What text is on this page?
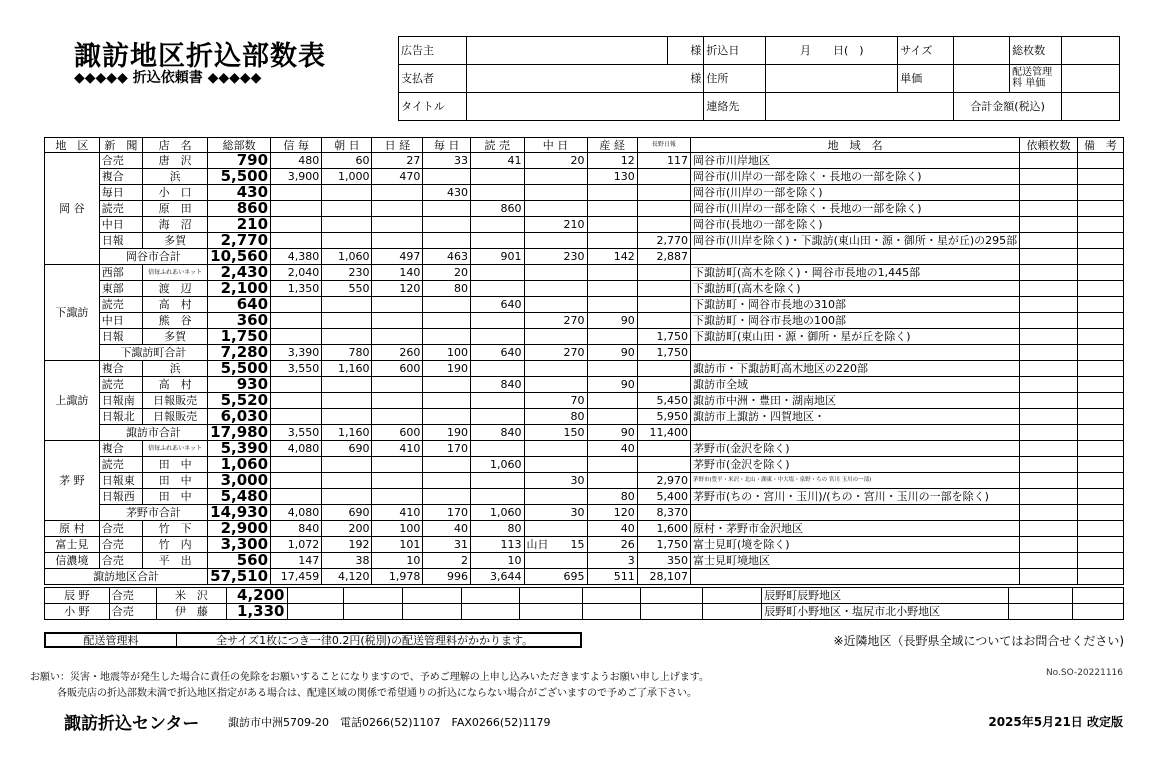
諏訪地区折込部数表
◆◆◆◆◆ 折込依頼書 ◆◆◆◆◆
広告主		様	折込日	月　　日(　)	サイズ		総枚数	
支払者	様		住所		単価		配送管理料 単価	
タイトル			連絡先			合計金額(税込)		
地　区	新　聞	店　名	総部数	信 毎	朝 日	日 経	毎 日	読 売	中 日	産 経	長野日報	地　域　名	依頼枚数	備　考
岡 谷	合売	唐　沢	790	480	60	27	33	41	20	12	117	岡谷市川岸地区		
	複合	浜	5,500	3,900	1,000	470				130		岡谷市(川岸の一部を除く・長地の一部を除く)		
	毎日	小　口	430				430					岡谷市(川岸の一部を除く)		
	読売	原　田	860					860				岡谷市(川岸の一部を除く・長地の一部を除く)		
	中日	海　沼	210						210			岡谷市(長地の一部を除く)		
	日報	多賀	2,770								2,770	岡谷市(川岸を除く)・下諏訪(東山田・源・御所・星が丘)の295部		
	岡谷市合計		10,560	4,380	1,060	497	463	901	230	142	2,887			
下諏訪	西部	信毎ふれあいネット	2,430	2,040	230	140	20					下諏訪町(高木を除く)・岡谷市長地の1,445部		
	東部	渡　辺	2,100	1,350	550	120	80					下諏訪町(高木を除く)		
	読売	高　村	640					640				下諏訪町・岡谷市長地の310部		
	中日	熊　谷	360						270	90		下諏訪町・岡谷市長地の100部		
	日報	多賀	1,750								1,750	下諏訪町(東山田・源・御所・星が丘を除く)		
	下諏訪町合計		7,280	3,390	780	260	100	640	270	90	1,750			
上諏訪	複合	浜	5,500	3,550	1,160	600	190					諏訪市・下諏訪町高木地区の220部		
	読売	高　村	930					840		90		諏訪市全域		
	日報南	日報販売	5,520						70		5,450	諏訪市中洲・豊田・湖南地区		
	日報北	日報販売	6,030						80		5,950	諏訪市上諏訪・四賀地区・		
	諏訪市合計		17,980	3,550	1,160	600	190	840	150	90	11,400			
茅 野	複合	信毎ふれあいネット	5,390	4,080	690	410	170			40		茅野市(金沢を除く)		
	読売	田　中	1,060					1,060				茅野市(金沢を除く)		
	日報東	田　中	3,000						30		2,970	茅野市(豊平・米沢・北山・湖東・中大塩・泉野・ちの 宮川 玉川の一部)		
	日報西	田　中	5,480							80	5,400	茅野市(ちの・宮川・玉川)/(ちの・宮川・玉川の一部を除く)		
	茅野市合計		14,930	4,080	690	410	170	1,060	30	120	8,370			
原 村	合売	竹　下	2,900	840	200	100	40	80		40	1,600	原村・茅野市金沢地区		
富士見	合売	竹　内	3,300	1,072	192	101	31	113	山日　　15	26	1,750	富士見町(境を除く)		
信濃境	合売	平　出	560	147	38	10	2	10		3	350	富士見町境地区		
諏訪地区合計			57,510	17,459	4,120	1,978	996	3,644	695	511	28,107			
辰 野	合売	米　沢	4,200									辰野町辰野地区		
小 野	合売	伊　藤	1,330									辰野町小野地区・塩尻市北小野地区		
配送管理料	全サイズ1枚につき一律0.2円(税別)の配送管理料がかかります。	※近隣地区（長野県全域についてはお問合せください)
お願い：災害・地震等が発生した場合に責任の免除をお願いすることになりますので、予めご理解の上申し込みいただきますようお願い申し上げます。
各販売店の折込部数未満で折込地区指定がある場合は、配達区域の関係で希望通りの折込にならない場合がございますので予めご了承下さい。
No.SO-20221116
諏訪折込センター	諏訪市中洲5709-20　電話0266(52)1107　FAX0266(52)1179	2025年5月21日 改定版
